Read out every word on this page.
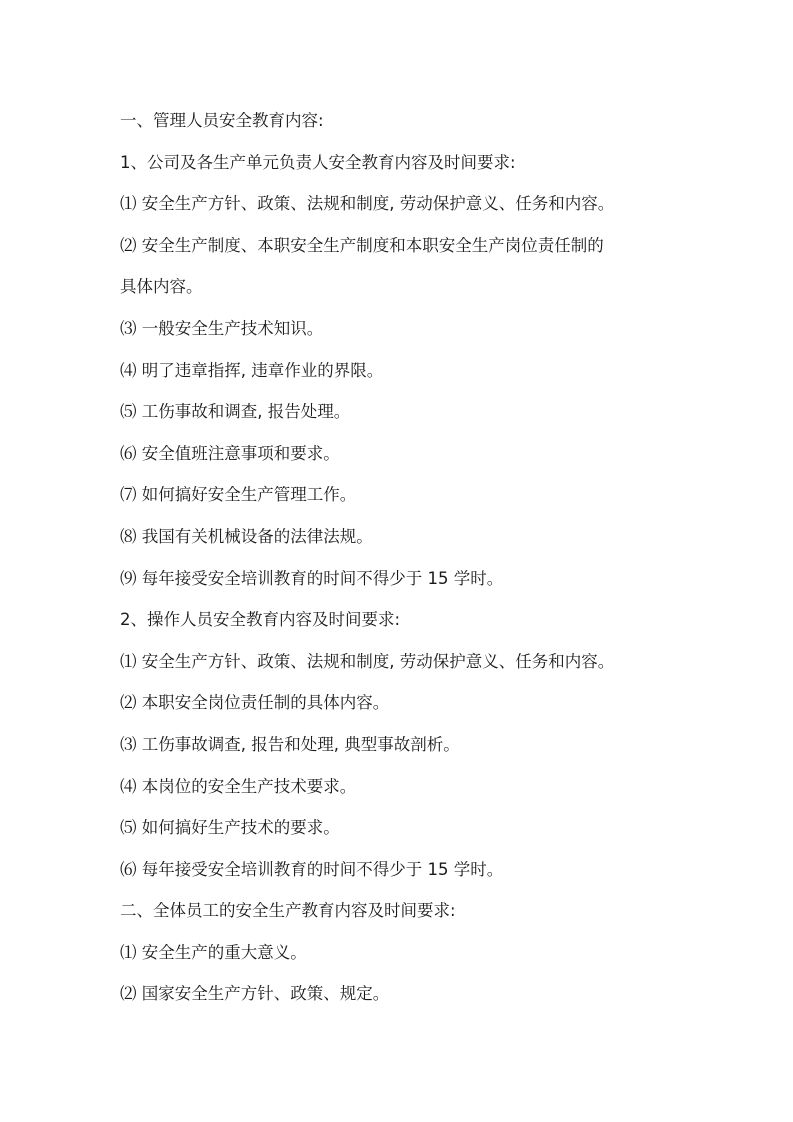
一、管理人员安全教育内容:

1、公司及各生产单元负责人安全教育内容及时间要求:

⑴ 安全生产方针、政策、法规和制度, 劳动保护意义、任务和内容。

⑵ 安全生产制度、本职安全生产制度和本职安全生产岗位责任制的

具体内容。

⑶ 一般安全生产技术知识。

⑷ 明了违章指挥, 违章作业的界限。

⑸ 工伤事故和调查, 报告处理。

⑹ 安全值班注意事项和要求。

⑺ 如何搞好安全生产管理工作。

⑻ 我国有关机械设备的法律法规。

⑼ 每年接受安全培训教育的时间不得少于 15 学时。

2、操作人员安全教育内容及时间要求:

⑴ 安全生产方针、政策、法规和制度, 劳动保护意义、任务和内容。

⑵ 本职安全岗位责任制的具体内容。

⑶ 工伤事故调查, 报告和处理, 典型事故剖析。

⑷ 本岗位的安全生产技术要求。

⑸ 如何搞好生产技术的要求。

⑹ 每年接受安全培训教育的时间不得少于 15 学时。

二、全体员工的安全生产教育内容及时间要求:

⑴ 安全生产的重大意义。

⑵ 国家安全生产方针、政策、规定。
